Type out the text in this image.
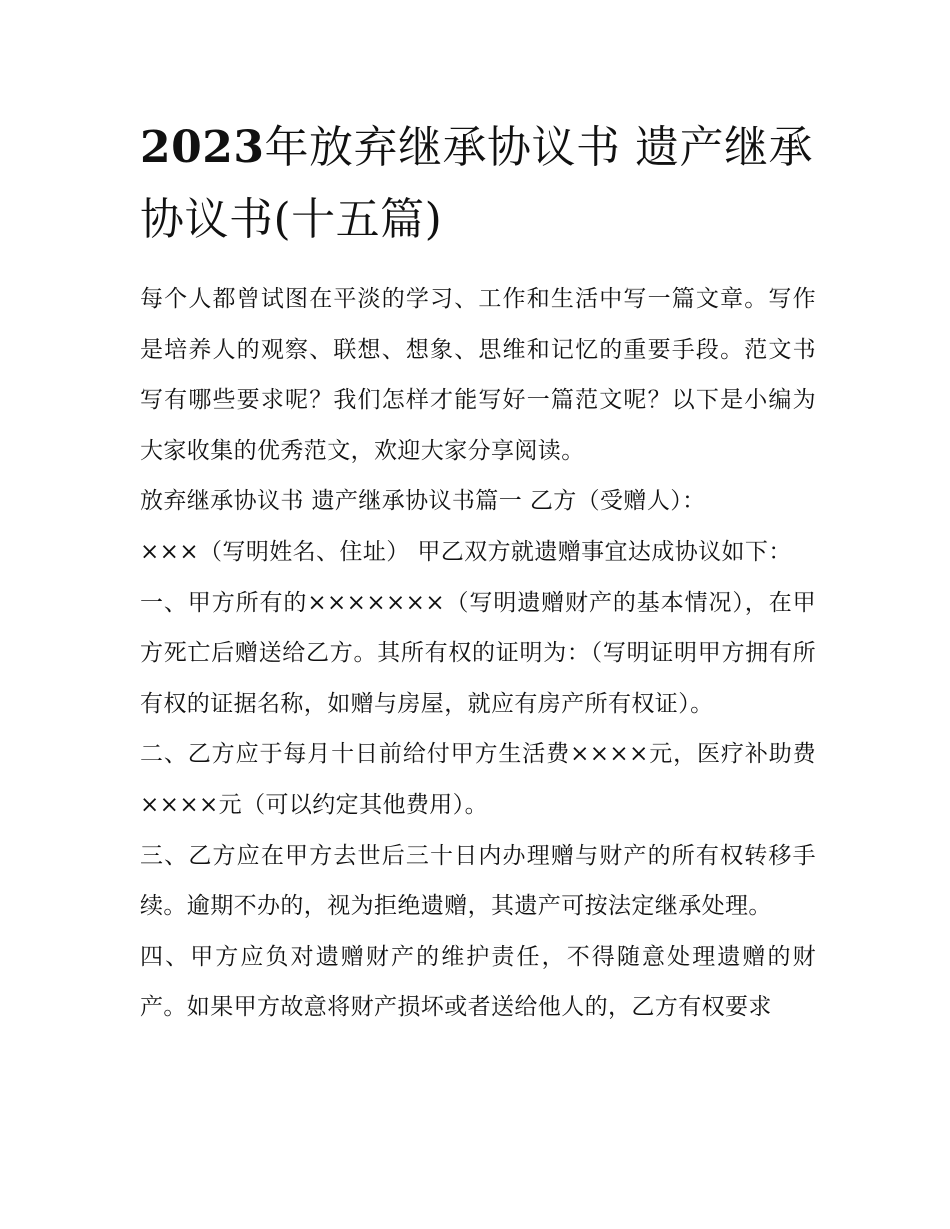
2023年放弃继承协议书 遗产继承协议书(十五篇)

每个人都曾试图在平淡的学习、工作和生活中写一篇文章。写作是培养人的观察、联想、想象、思维和记忆的重要手段。范文书写有哪些要求呢？我们怎样才能写好一篇范文呢？以下是小编为大家收集的优秀范文，欢迎大家分享阅读。

放弃继承协议书 遗产继承协议书篇一 乙方（受赠人）：

×××（写明姓名、住址） 甲乙双方就遗赠事宜达成协议如下：

一、甲方所有的×××××××（写明遗赠财产的基本情况），在甲方死亡后赠送给乙方。其所有权的证明为：（写明证明甲方拥有所有权的证据名称，如赠与房屋，就应有房产所有权证）。

二、乙方应于每月十日前给付甲方生活费××××元，医疗补助费××××元（可以约定其他费用）。

三、乙方应在甲方去世后三十日内办理赠与财产的所有权转移手续。逾期不办的，视为拒绝遗赠，其遗产可按法定继承处理。

四、甲方应负对遗赠财产的维护责任，不得随意处理遗赠的财产。如果甲方故意将财产损坏或者送给他人的，乙方有权要求
